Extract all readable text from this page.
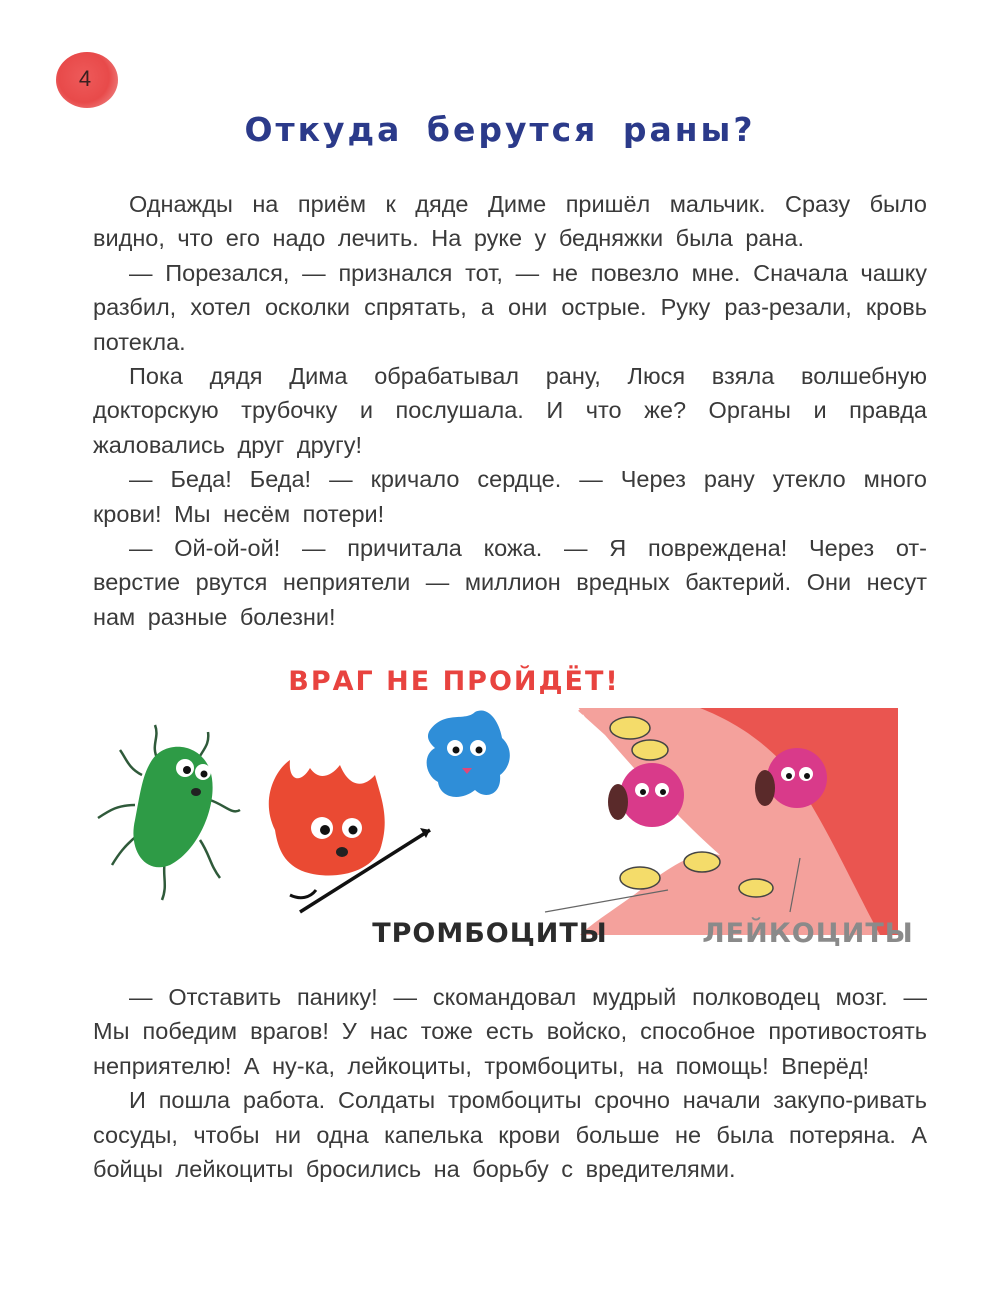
4
Откуда берутся раны?

Однажды на приём к дяде Диме пришёл мальчик. Сразу было видно, что его надо лечить. На руке у бедняжки была рана.

— Порезался, — признался тот, — не повезло мне. Сначала чашку разбил, хотел осколки спрятать, а они острые. Руку раз-резали, кровь потекла.

Пока дядя Дима обрабатывал рану, Люся взяла волшебную докторскую трубочку и послушала. И что же? Органы и правда жаловались друг другу!

— Беда! Беда! — кричало сердце. — Через рану утекло много крови! Мы несём потери!

— Ой-ой-ой! — причитала кожа. — Я повреждена! Через от-верстие рвутся неприятели — миллион вредных бактерий. Они несут нам разные болезни!

ВРАГ НЕ ПРОЙДЁТ!
ТРОМБОЦИТЫ	ЛЕЙКОЦИТЫ

— Отставить панику! — скомандовал мудрый полководец мозг. — Мы победим врагов! У нас тоже есть войско, способное противостоять неприятелю! А ну-ка, лейкоциты, тромбоциты, на помощь! Вперёд!

И пошла работа. Солдаты тромбоциты срочно начали закупо-ривать сосуды, чтобы ни одна капелька крови больше не была потеряна. А бойцы лейкоциты бросились на борьбу с вредителями.
